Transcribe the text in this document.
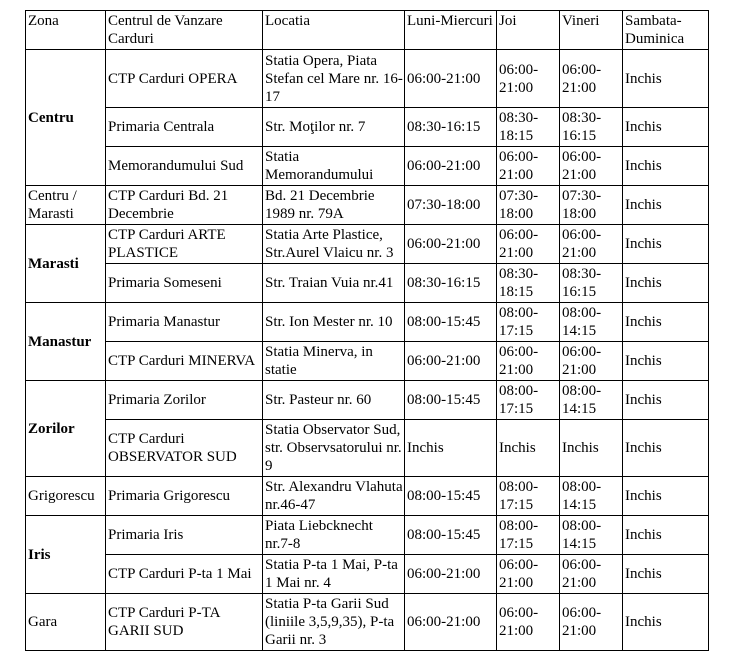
Zona	Centrul de Vanzare Carduri	Locatia	Luni-Miercuri	Joi	Vineri	Sambata-Duminica
Centru	CTP Carduri OPERA	Statia Opera, Piata Stefan cel Mare nr. 16-17	06:00-21:00	06:00-21:00	06:00-21:00	Inchis
	Primaria Centrala	Str. Moţilor nr. 7	08:30-16:15	08:30-18:15	08:30-16:15	Inchis
	Memorandumului Sud	Statia Memorandumului	06:00-21:00	06:00-21:00	06:00-21:00	Inchis
Centru / Marasti	CTP Carduri Bd. 21 Decembrie	Bd. 21 Decembrie 1989 nr. 79A	07:30-18:00	07:30-18:00	07:30-18:00	Inchis
Marasti	CTP Carduri ARTE PLASTICE	Statia Arte Plastice, Str.Aurel Vlaicu nr. 3	06:00-21:00	06:00-21:00	06:00-21:00	Inchis
	Primaria Someseni	Str. Traian Vuia nr.41	08:30-16:15	08:30-18:15	08:30-16:15	Inchis
Manastur	Primaria Manastur	Str. Ion Mester nr. 10	08:00-15:45	08:00-17:15	08:00-14:15	Inchis
	CTP Carduri MINERVA	Statia Minerva, in statie	06:00-21:00	06:00-21:00	06:00-21:00	Inchis
Zorilor	Primaria Zorilor	Str. Pasteur nr. 60	08:00-15:45	08:00-17:15	08:00-14:15	Inchis
	CTP Carduri OBSERVATOR SUD	Statia Observator Sud, str. Observsatorului nr. 9	Inchis	Inchis	Inchis	Inchis
Grigorescu	Primaria Grigorescu	Str. Alexandru Vlahuta nr.46-47	08:00-15:45	08:00-17:15	08:00-14:15	Inchis
Iris	Primaria Iris	Piata Liebcknecht nr.7-8	08:00-15:45	08:00-17:15	08:00-14:15	Inchis
	CTP Carduri P-ta 1 Mai	Statia P-ta 1 Mai, P-ta 1 Mai nr. 4	06:00-21:00	06:00-21:00	06:00-21:00	Inchis
Gara	CTP Carduri P-TA GARII SUD	Statia P-ta Garii Sud (liniile 3,5,9,35), P-ta Garii nr. 3	06:00-21:00	06:00-21:00	06:00-21:00	Inchis
